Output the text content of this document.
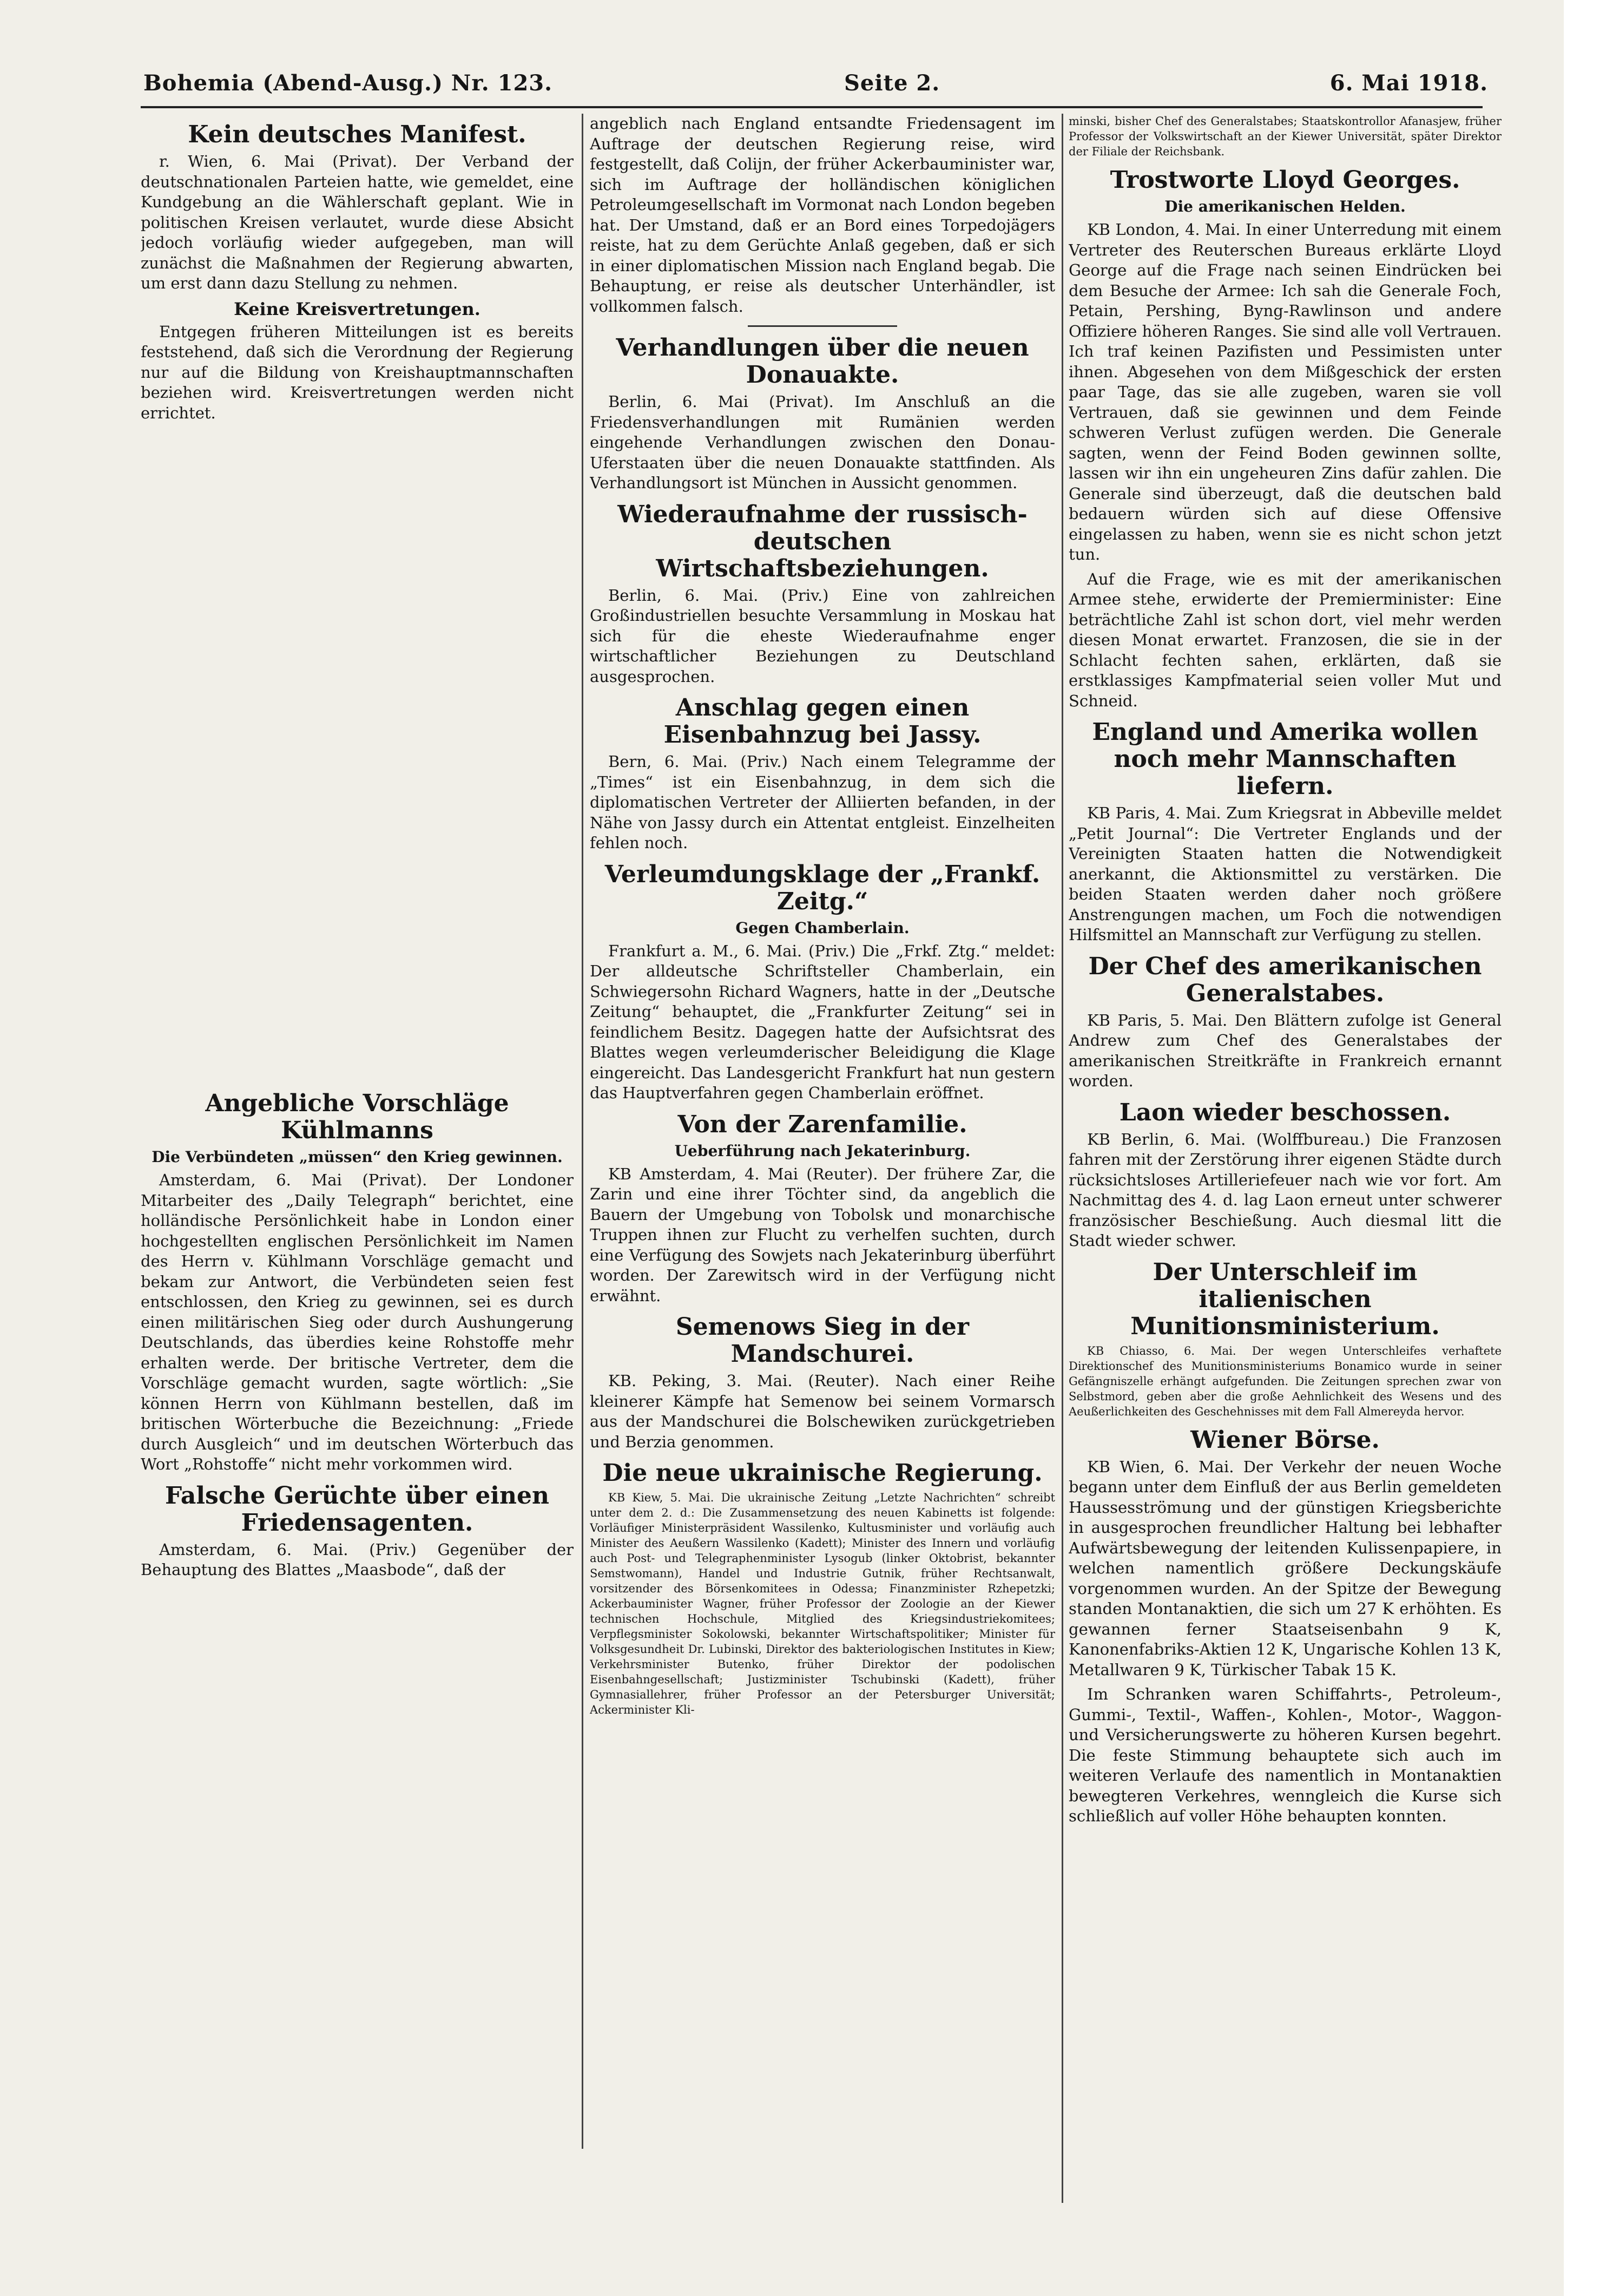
Bohemia (Abend-Ausg.) Nr. 123.	Seite 2.	6. Mai 1918.
Kein deutsches Manifest.

r. Wien, 6. Mai (Privat). Der Verband der deutschnationalen Parteien hatte, wie gemeldet, eine Kundgebung an die Wählerschaft geplant. Wie in politischen Kreisen verlautet, wurde diese Absicht jedoch vorläufig wieder aufgegeben, man will zunächst die Maßnahmen der Regierung abwarten, um erst dann dazu Stellung zu nehmen.

Keine Kreisvertretungen.

Entgegen früheren Mitteilungen ist es bereits feststehend, daß sich die Verordnung der Regierung nur auf die Bildung von Kreishauptmannschaften beziehen wird. Kreisvertretungen werden nicht errichtet.

Angebliche Vorschläge Kühlmanns
Die Verbündeten „müssen“ den Krieg gewinnen.

Amsterdam, 6. Mai (Privat). Der Londoner Mitarbeiter des „Daily Telegraph“ berichtet, eine holländische Persönlichkeit habe in London einer hochgestellten englischen Persönlichkeit im Namen des Herrn v. Kühlmann Vorschläge gemacht und bekam zur Antwort, die Verbündeten seien fest entschlossen, den Krieg zu gewinnen, sei es durch einen militärischen Sieg oder durch Aushungerung Deutschlands, das überdies keine Rohstoffe mehr erhalten werde. Der britische Vertreter, dem die Vorschläge gemacht wurden, sagte wörtlich: „Sie können Herrn von Kühlmann bestellen, daß im britischen Wörterbuche die Bezeichnung: „Friede durch Ausgleich“ und im deutschen Wörterbuch das Wort „Rohstoffe“ nicht mehr vorkommen wird.

Falsche Gerüchte über einen Friedensagenten.

Amsterdam, 6. Mai. (Priv.) Gegenüber der Behauptung des Blattes „Maasbode“, daß der

angeblich nach England entsandte Friedensagent im Auftrage der deutschen Regierung reise, wird festgestellt, daß Colijn, der früher Ackerbauminister war, sich im Auftrage der holländischen königlichen Petroleumgesellschaft im Vormonat nach London begeben hat. Der Umstand, daß er an Bord eines Torpedojägers reiste, hat zu dem Gerüchte Anlaß gegeben, daß er sich in einer diplomatischen Mission nach England begab. Die Behauptung, er reise als deutscher Unterhändler, ist vollkommen falsch.

Verhandlungen über die neuen Donauakte.

Berlin, 6. Mai (Privat). Im Anschluß an die Friedensverhandlungen mit Rumänien werden eingehende Verhandlungen zwischen den Donau-Uferstaaten über die neuen Donauakte stattfinden. Als Verhandlungsort ist München in Aussicht genommen.

Wiederaufnahme der russisch-deutschen Wirtschaftsbeziehungen.

Berlin, 6. Mai. (Priv.) Eine von zahlreichen Großindustriellen besuchte Versammlung in Moskau hat sich für die eheste Wiederaufnahme enger wirtschaftlicher Beziehungen zu Deutschland ausgesprochen.

Anschlag gegen einen Eisenbahnzug bei Jassy.

Bern, 6. Mai. (Priv.) Nach einem Telegramme der „Times“ ist ein Eisenbahnzug, in dem sich die diplomatischen Vertreter der Alliierten befanden, in der Nähe von Jassy durch ein Attentat entgleist. Einzelheiten fehlen noch.

Verleumdungsklage der „Frankf. Zeitg.“
Gegen Chamberlain.

Frankfurt a. M., 6. Mai. (Priv.) Die „Frkf. Ztg.“ meldet: Der alldeutsche Schriftsteller Chamberlain, ein Schwiegersohn Richard Wagners, hatte in der „Deutsche Zeitung“ behauptet, die „Frankfurter Zeitung“ sei in feindlichem Besitz. Dagegen hatte der Aufsichtsrat des Blattes wegen verleumderischer Beleidigung die Klage eingereicht. Das Landesgericht Frankfurt hat nun gestern das Hauptverfahren gegen Chamberlain eröffnet.

Von der Zarenfamilie.
Ueberführung nach Jekaterinburg.

KB Amsterdam, 4. Mai (Reuter). Der frühere Zar, die Zarin und eine ihrer Töchter sind, da angeblich die Bauern der Umgebung von Tobolsk und monarchische Truppen ihnen zur Flucht zu verhelfen suchten, durch eine Verfügung des Sowjets nach Jekaterinburg überführt worden. Der Zarewitsch wird in der Verfügung nicht erwähnt.

Semenows Sieg in der Mandschurei.

KB. Peking, 3. Mai. (Reuter). Nach einer Reihe kleinerer Kämpfe hat Semenow bei seinem Vormarsch aus der Mandschurei die Bolschewiken zurückgetrieben und Berzia genommen.

Die neue ukrainische Regierung.

KB Kiew, 5. Mai. Die ukrainische Zeitung „Letzte Nachrichten“ schreibt unter dem 2. d.: Die Zusammensetzung des neuen Kabinetts ist folgende: Vorläufiger Ministerpräsident Wassilenko, Kultusminister und vorläufig auch Minister des Aeußern Wassilenko (Kadett); Minister des Innern und vorläufig auch Post- und Telegraphenminister Lysogub (linker Oktobrist, bekannter Semstwomann), Handel und Industrie Gutnik, früher Rechtsanwalt, vorsitzender des Börsenkomitees in Odessa; Finanzminister Rzhepetzki; Ackerbauminister Wagner, früher Professor der Zoologie an der Kiewer technischen Hochschule, Mitglied des Kriegsindustriekomitees; Verpflegsminister Sokolowski, bekannter Wirtschaftspolitiker; Minister für Volksgesundheit Dr. Lubinski, Direktor des bakteriologischen Institutes in Kiew; Verkehrsminister Butenko, früher Direktor der podolischen Eisenbahngesellschaft; Justizminister Tschubinski (Kadett), früher Gymnasiallehrer, früher Professor an der Petersburger Universität; Ackerminister Kli-

minski, bisher Chef des Generalstabes; Staatskontrollor Afanasjew, früher Professor der Volkswirtschaft an der Kiewer Universität, später Direktor der Filiale der Reichsbank.

Trostworte Lloyd Georges.
Die amerikanischen Helden.

KB London, 4. Mai. In einer Unterredung mit einem Vertreter des Reuterschen Bureaus erklärte Lloyd George auf die Frage nach seinen Eindrücken bei dem Besuche der Armee: Ich sah die Generale Foch, Petain, Pershing, Byng-Rawlinson und andere Offiziere höheren Ranges. Sie sind alle voll Vertrauen. Ich traf keinen Pazifisten und Pessimisten unter ihnen. Abgesehen von dem Mißgeschick der ersten paar Tage, das sie alle zugeben, waren sie voll Vertrauen, daß sie gewinnen und dem Feinde schweren Verlust zufügen werden. Die Generale sagten, wenn der Feind Boden gewinnen sollte, lassen wir ihn ein ungeheuren Zins dafür zahlen. Die Generale sind überzeugt, daß die deutschen bald bedauern würden sich auf diese Offensive eingelassen zu haben, wenn sie es nicht schon jetzt tun.

Auf die Frage, wie es mit der amerikanischen Armee stehe, erwiderte der Premierminister: Eine beträchtliche Zahl ist schon dort, viel mehr werden diesen Monat erwartet. Franzosen, die sie in der Schlacht fechten sahen, erklärten, daß sie erstklassiges Kampfmaterial seien voller Mut und Schneid.

England und Amerika wollen noch mehr Mannschaften liefern.

KB Paris, 4. Mai. Zum Kriegsrat in Abbeville meldet „Petit Journal“: Die Vertreter Englands und der Vereinigten Staaten hatten die Notwendigkeit anerkannt, die Aktionsmittel zu verstärken. Die beiden Staaten werden daher noch größere Anstrengungen machen, um Foch die notwendigen Hilfsmittel an Mannschaft zur Verfügung zu stellen.

Der Chef des amerikanischen Generalstabes.

KB Paris, 5. Mai. Den Blättern zufolge ist General Andrew zum Chef des Generalstabes der amerikanischen Streitkräfte in Frankreich ernannt worden.

Laon wieder beschossen.

KB Berlin, 6. Mai. (Wolffbureau.) Die Franzosen fahren mit der Zerstörung ihrer eigenen Städte durch rücksichtsloses Artilleriefeuer nach wie vor fort. Am Nachmittag des 4. d. lag Laon erneut unter schwerer französischer Beschießung. Auch diesmal litt die Stadt wieder schwer.

Der Unterschleif im italienischen Munitionsministerium.

KB Chiasso, 6. Mai. Der wegen Unterschleifes verhaftete Direktionschef des Munitionsministeriums Bonamico wurde in seiner Gefängniszelle erhängt aufgefunden. Die Zeitungen sprechen zwar von Selbstmord, geben aber die große Aehnlichkeit des Wesens und des Aeußerlichkeiten des Geschehnisses mit dem Fall Almereyda hervor.

Wiener Börse.

KB Wien, 6. Mai. Der Verkehr der neuen Woche begann unter dem Einfluß der aus Berlin gemeldeten Haussesströmung und der günstigen Kriegsberichte in ausgesprochen freundlicher Haltung bei lebhafter Aufwärtsbewegung der leitenden Kulissenpapiere, in welchen namentlich größere Deckungskäufe vorgenommen wurden. An der Spitze der Bewegung standen Montanaktien, die sich um 27 K erhöhten. Es gewannen ferner Staatseisenbahn 9 K, Kanonenfabriks-Aktien 12 K, Ungarische Kohlen 13 K, Metallwaren 9 K, Türkischer Tabak 15 K.

Im Schranken waren Schiffahrts-, Petroleum-, Gummi-, Textil-, Waffen-, Kohlen-, Motor-, Waggon- und Versicherungswerte zu höheren Kursen begehrt. Die feste Stimmung behauptete sich auch im weiteren Verlaufe des namentlich in Montanaktien bewegteren Verkehres, wenngleich die Kurse sich schließlich auf voller Höhe behaupten konnten.
